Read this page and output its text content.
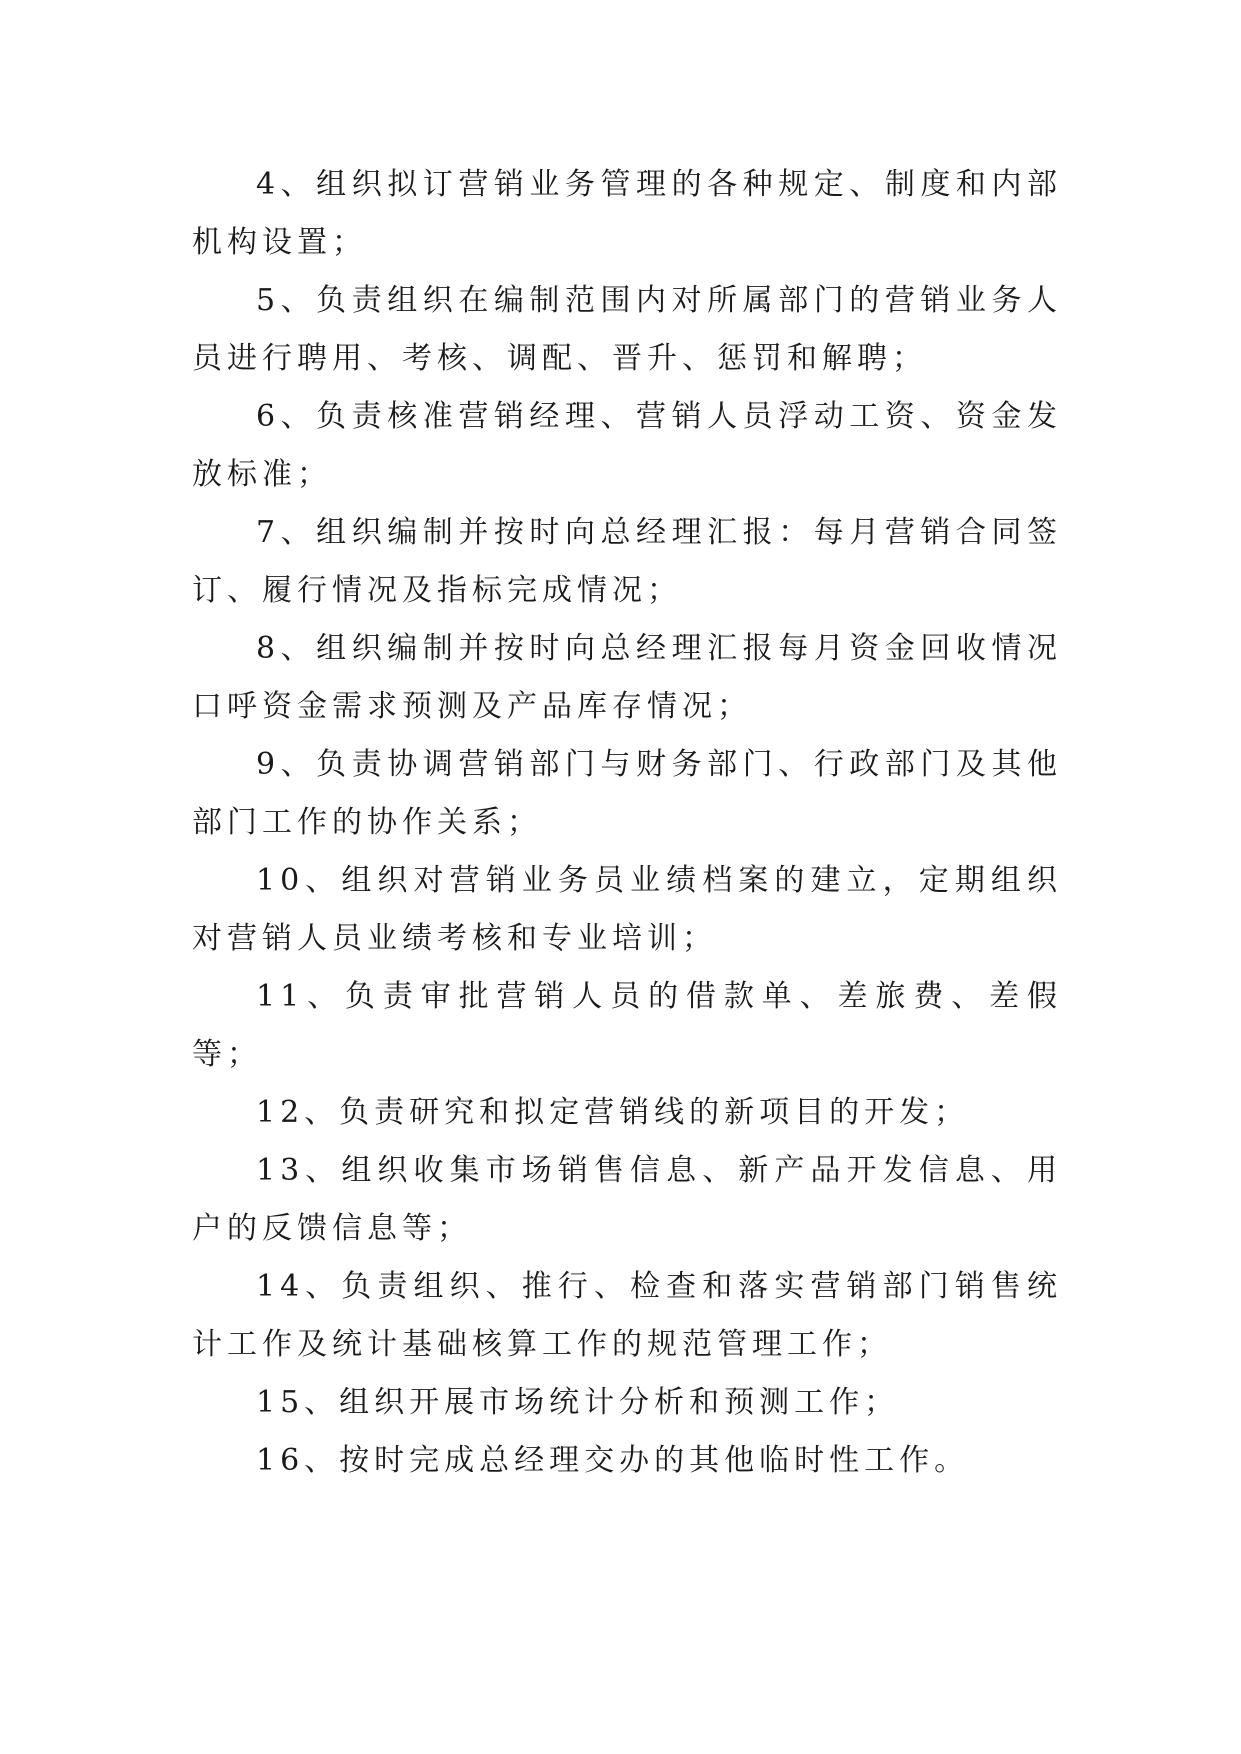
4、组织拟订营销业务管理的各种规定、制度和内部机构设置；

5、负责组织在编制范围内对所属部门的营销业务人员进行聘用、考核、调配、晋升、惩罚和解聘；

6、负责核准营销经理、营销人员浮动工资、资金发放标准；

7、组织编制并按时向总经理汇报：每月营销合同签订、履行情况及指标完成情况；

8、组织编制并按时向总经理汇报每月资金回收情况口呼资金需求预测及产品库存情况；

9、负责协调营销部门与财务部门、行政部门及其他部门工作的协作关系；

10、组织对营销业务员业绩档案的建立，定期组织对营销人员业绩考核和专业培训；

11、负责审批营销人员的借款单、差旅费、差假等；

12、负责研究和拟定营销线的新项目的开发；

13、组织收集市场销售信息、新产品开发信息、用户的反馈信息等；

14、负责组织、推行、检查和落实营销部门销售统计工作及统计基础核算工作的规范管理工作；

15、组织开展市场统计分析和预测工作；

16、按时完成总经理交办的其他临时性工作。
